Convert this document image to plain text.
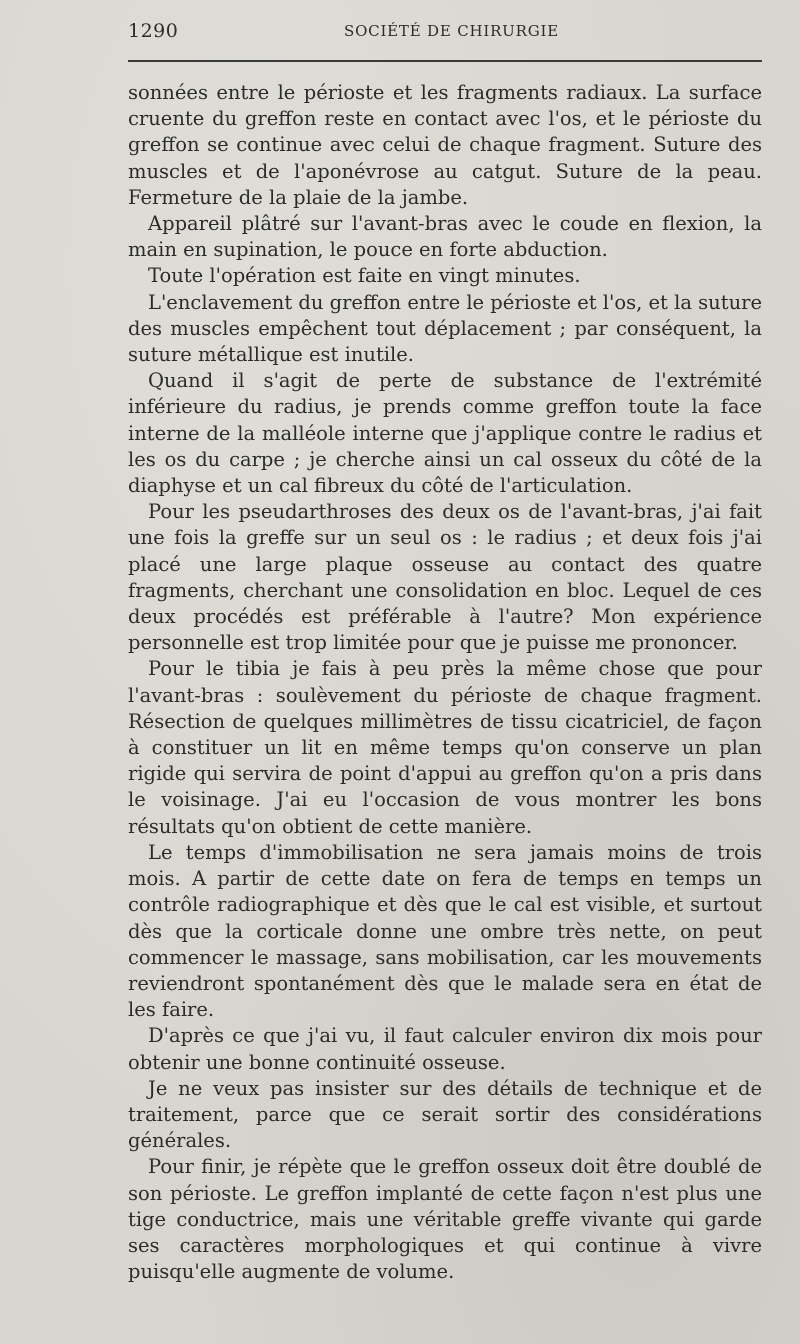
1290	SOCIÉTÉ DE CHIRURGIE

sonnées entre le périoste et les fragments radiaux. La surface cruente du greffon reste en contact avec l'os, et le périoste du greffon se continue avec celui de chaque fragment. Suture des muscles et de l'aponévrose au catgut. Suture de la peau. Fermeture de la plaie de la jambe.

Appareil plâtré sur l'avant-bras avec le coude en flexion, la main en supination, le pouce en forte abduction.

Toute l'opération est faite en vingt minutes.

L'enclavement du greffon entre le périoste et l'os, et la suture des muscles empêchent tout déplacement ; par conséquent, la suture métallique est inutile.

Quand il s'agit de perte de substance de l'extrémité inférieure du radius, je prends comme greffon toute la face interne de la malléole interne que j'applique contre le radius et les os du carpe ; je cherche ainsi un cal osseux du côté de la diaphyse et un cal fibreux du côté de l'articulation.

Pour les pseudarthroses des deux os de l'avant-bras, j'ai fait une fois la greffe sur un seul os : le radius ; et deux fois j'ai placé une large plaque osseuse au contact des quatre fragments, cherchant une consolidation en bloc. Lequel de ces deux procédés est préférable à l'autre? Mon expérience personnelle est trop limitée pour que je puisse me prononcer.

Pour le tibia je fais à peu près la même chose que pour l'avant-bras : soulèvement du périoste de chaque fragment. Résection de quelques millimètres de tissu cicatriciel, de façon à constituer un lit en même temps qu'on conserve un plan rigide qui servira de point d'appui au greffon qu'on a pris dans le voisinage. J'ai eu l'occasion de vous montrer les bons résultats qu'on obtient de cette manière.

Le temps d'immobilisation ne sera jamais moins de trois mois. A partir de cette date on fera de temps en temps un contrôle radiographique et dès que le cal est visible, et surtout dès que la corticale donne une ombre très nette, on peut commencer le massage, sans mobilisation, car les mouvements reviendront spontanément dès que le malade sera en état de les faire.

D'après ce que j'ai vu, il faut calculer environ dix mois pour obtenir une bonne continuité osseuse.

Je ne veux pas insister sur des détails de technique et de traitement, parce que ce serait sortir des considérations générales.

Pour finir, je répète que le greffon osseux doit être doublé de son périoste. Le greffon implanté de cette façon n'est plus une tige conductrice, mais une véritable greffe vivante qui garde ses caractères morphologiques et qui continue à vivre puisqu'elle augmente de volume.
